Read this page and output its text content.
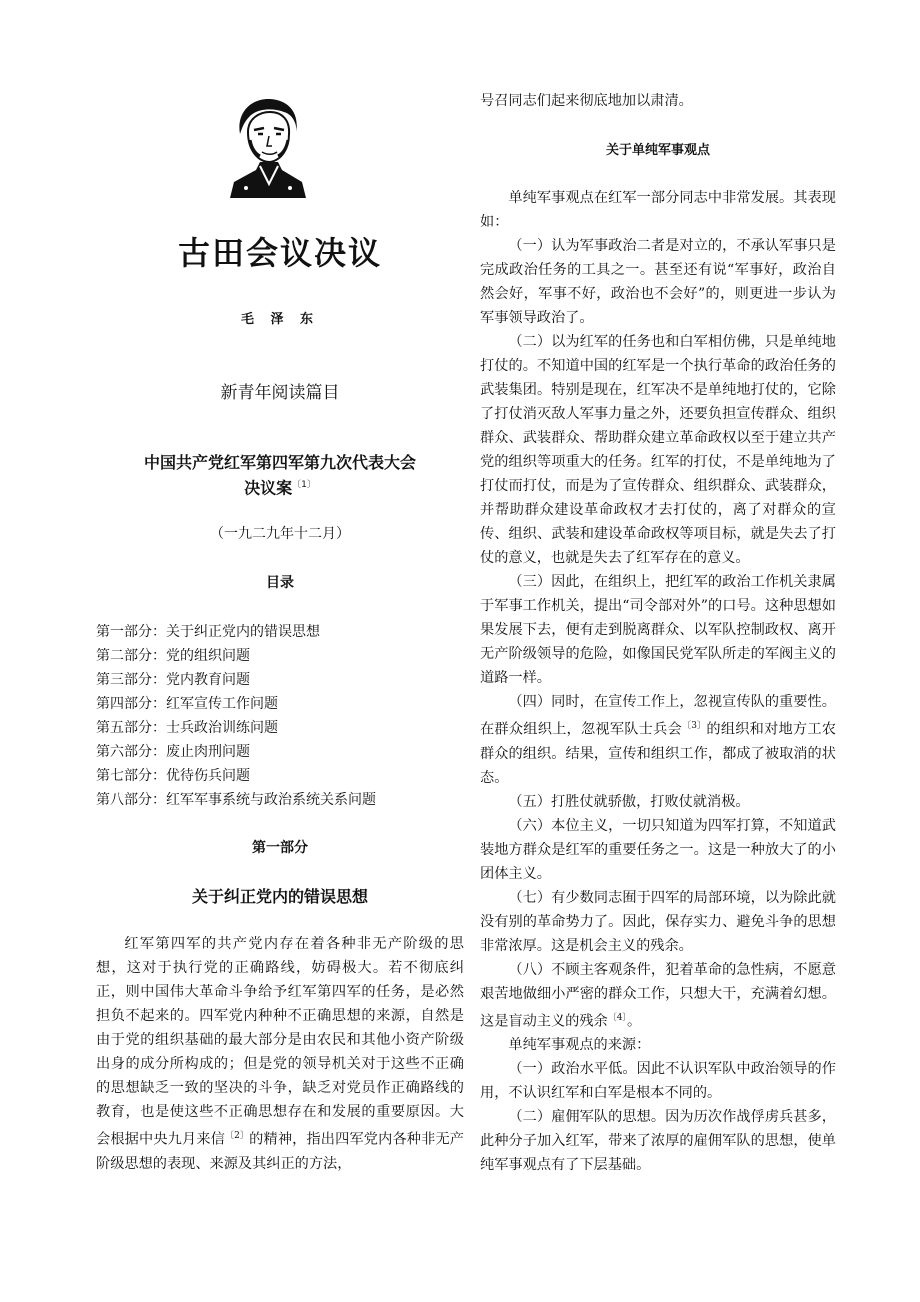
古田会议决议
毛 泽 东
新青年阅读篇目
中国共产党红军第四军第九次代表大会
决议案$^{〔1〕}$
（一九二九年十二月）
目录
第一部分：关于纠正党内的错误思想
第二部分：党的组织问题
第三部分：党内教育问题
第四部分：红军宣传工作问题
第五部分：士兵政治训练问题
第六部分：废止肉刑问题
第七部分：优待伤兵问题
第八部分：红军军事系统与政治系统关系问题
第一部分
关于纠正党内的错误思想

红军第四军的共产党内存在着各种非无产阶级的思想，这对于执行党的正确路线，妨碍极大。若不彻底纠正，则中国伟大革命斗争给予红军第四军的任务，是必然担负不起来的。四军党内种种不正确思想的来源，自然是由于党的组织基础的最大部分是由农民和其他小资产阶级出身的成分所构成的；但是党的领导机关对于这些不正确的思想缺乏一致的坚决的斗争，缺乏对党员作正确路线的教育，也是使这些不正确思想存在和发展的重要原因。大会根据中央九月来信$^{〔2〕}$的精神，指出四军党内各种非无产阶级思想的表现、来源及其纠正的方法，

号召同志们起来彻底地加以肃清。

关于单纯军事观点

单纯军事观点在红军一部分同志中非常发展。其表现如：

（一）认为军事政治二者是对立的，不承认军事只是完成政治任务的工具之一。甚至还有说“军事好，政治自然会好，军事不好，政治也不会好”的，则更进一步认为军事领导政治了。

（二）以为红军的任务也和白军相仿佛，只是单纯地打仗的。不知道中国的红军是一个执行革命的政治任务的武装集团。特别是现在，红军决不是单纯地打仗的，它除了打仗消灭敌人军事力量之外，还要负担宣传群众、组织群众、武装群众、帮助群众建立革命政权以至于建立共产党的组织等项重大的任务。红军的打仗，不是单纯地为了打仗而打仗，而是为了宣传群众、组织群众、武装群众，并帮助群众建设革命政权才去打仗的，离了对群众的宣传、组织、武装和建设革命政权等项目标，就是失去了打仗的意义，也就是失去了红军存在的意义。

（三）因此，在组织上，把红军的政治工作机关隶属于军事工作机关，提出“司令部对外”的口号。这种思想如果发展下去，便有走到脱离群众、以军队控制政权、离开无产阶级领导的危险，如像国民党军队所走的军阀主义的道路一样。

（四）同时，在宣传工作上，忽视宣传队的重要性。在群众组织上，忽视军队士兵会$^{〔3〕}$的组织和对地方工农群众的组织。结果，宣传和组织工作，都成了被取消的状态。

（五）打胜仗就骄傲，打败仗就消极。

（六）本位主义，一切只知道为四军打算，不知道武装地方群众是红军的重要任务之一。这是一种放大了的小团体主义。

（七）有少数同志囿于四军的局部环境，以为除此就没有别的革命势力了。因此，保存实力、避免斗争的思想非常浓厚。这是机会主义的残余。

（八）不顾主客观条件，犯着革命的急性病，不愿意艰苦地做细小严密的群众工作，只想大干，充满着幻想。这是盲动主义的残余$^{〔4〕}$。

单纯军事观点的来源：

（一）政治水平低。因此不认识军队中政治领导的作用，不认识红军和白军是根本不同的。

（二）雇佣军队的思想。因为历次作战俘虏兵甚多，此种分子加入红军，带来了浓厚的雇佣军队的思想，使单纯军事观点有了下层基础。
